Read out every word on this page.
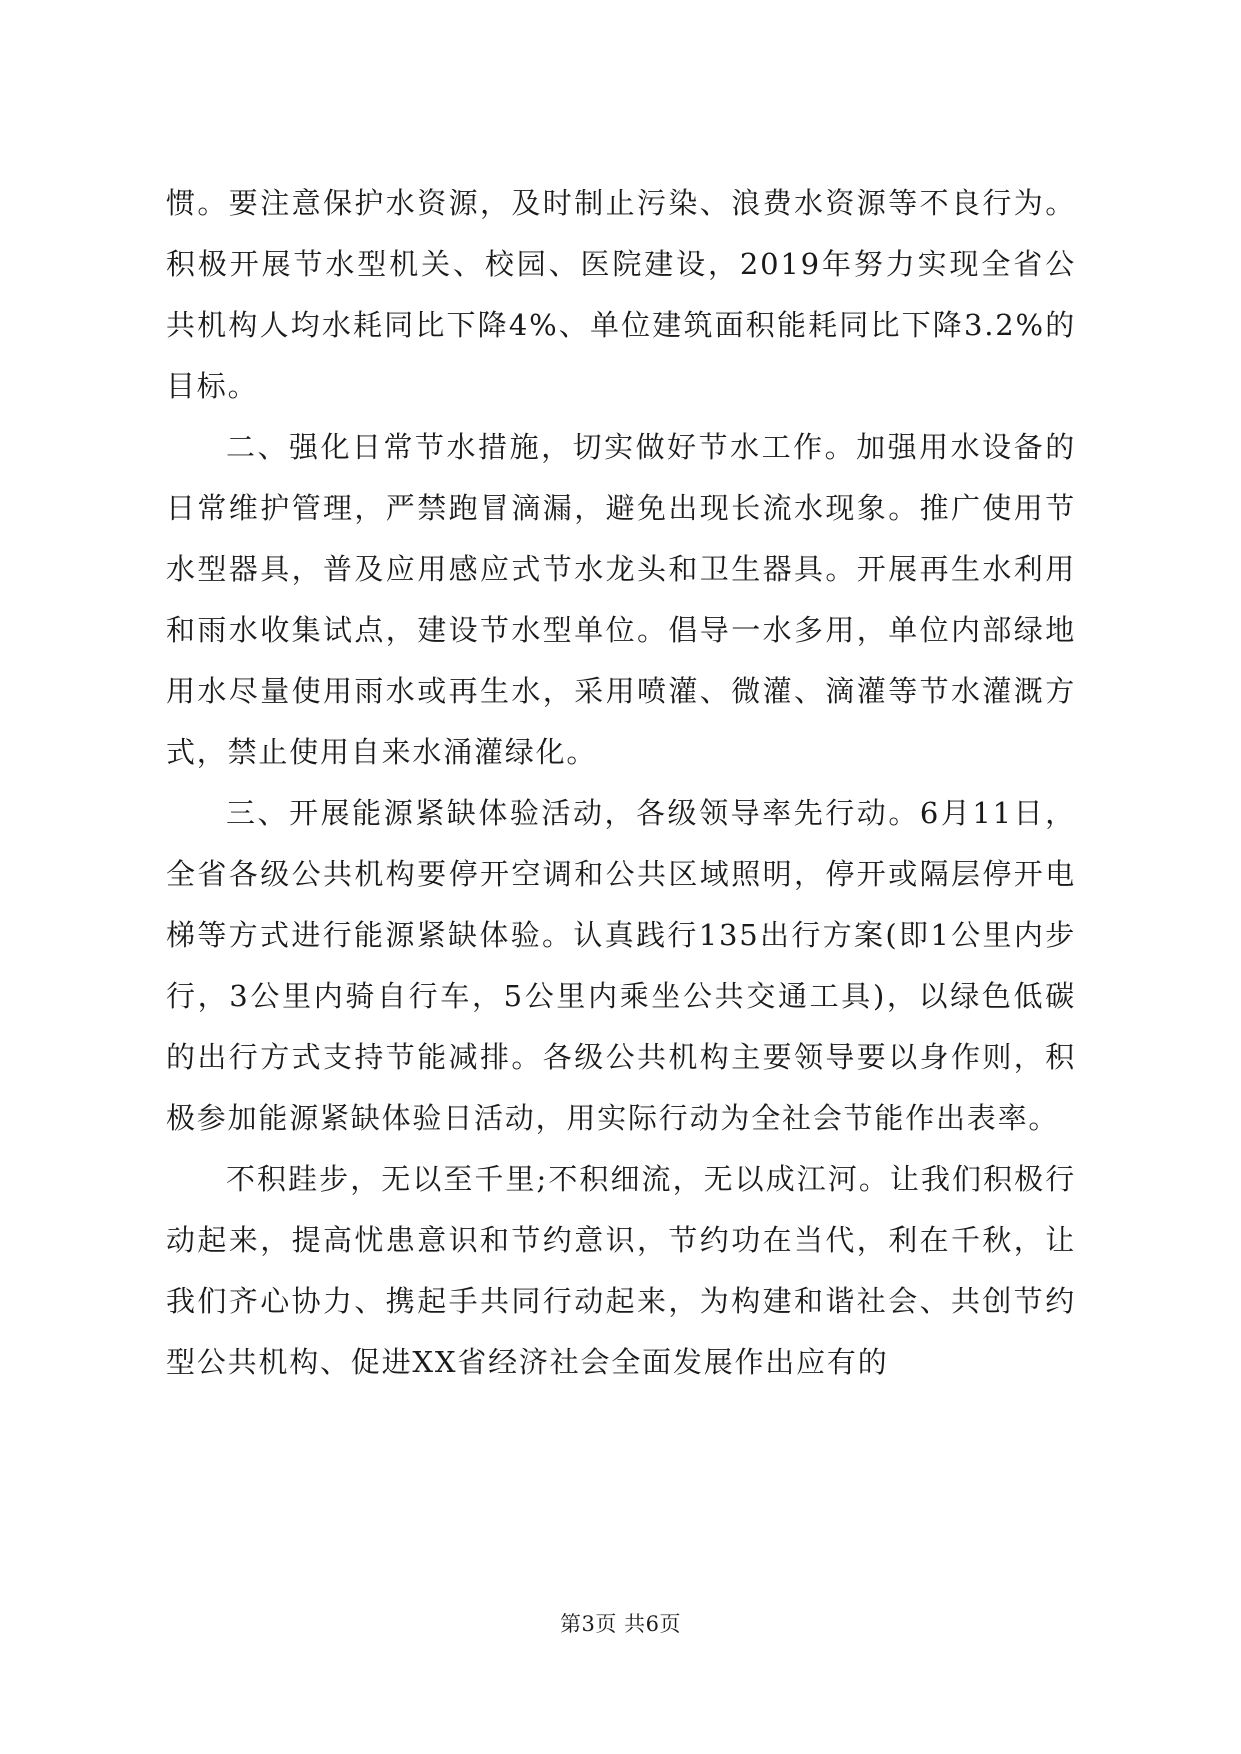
惯。要注意保护水资源，及时制止污染、浪费水资源等不良行为。积极开展节水型机关、校园、医院建设，2019年努力实现全省公共机构人均水耗同比下降4%、单位建筑面积能耗同比下降3.2%的目标。

二、强化日常节水措施，切实做好节水工作。加强用水设备的日常维护管理，严禁跑冒滴漏，避免出现长流水现象。推广使用节水型器具，普及应用感应式节水龙头和卫生器具。开展再生水利用和雨水收集试点，建设节水型单位。倡导一水多用，单位内部绿地用水尽量使用雨水或再生水，采用喷灌、微灌、滴灌等节水灌溉方式，禁止使用自来水涌灌绿化。

三、开展能源紧缺体验活动，各级领导率先行动。6月11日，全省各级公共机构要停开空调和公共区域照明，停开或隔层停开电梯等方式进行能源紧缺体验。认真践行135出行方案(即1公里内步行，3公里内骑自行车，5公里内乘坐公共交通工具)，以绿色低碳的出行方式支持节能减排。各级公共机构主要领导要以身作则，积极参加能源紧缺体验日活动，用实际行动为全社会节能作出表率。

不积跬步，无以至千里;不积细流，无以成江河。让我们积极行动起来，提高忧患意识和节约意识，节约功在当代，利在千秋，让我们齐心协力、携起手共同行动起来，为构建和谐社会、共创节约型公共机构、促进XX省经济社会全面发展作出应有的

第3页 共6页
